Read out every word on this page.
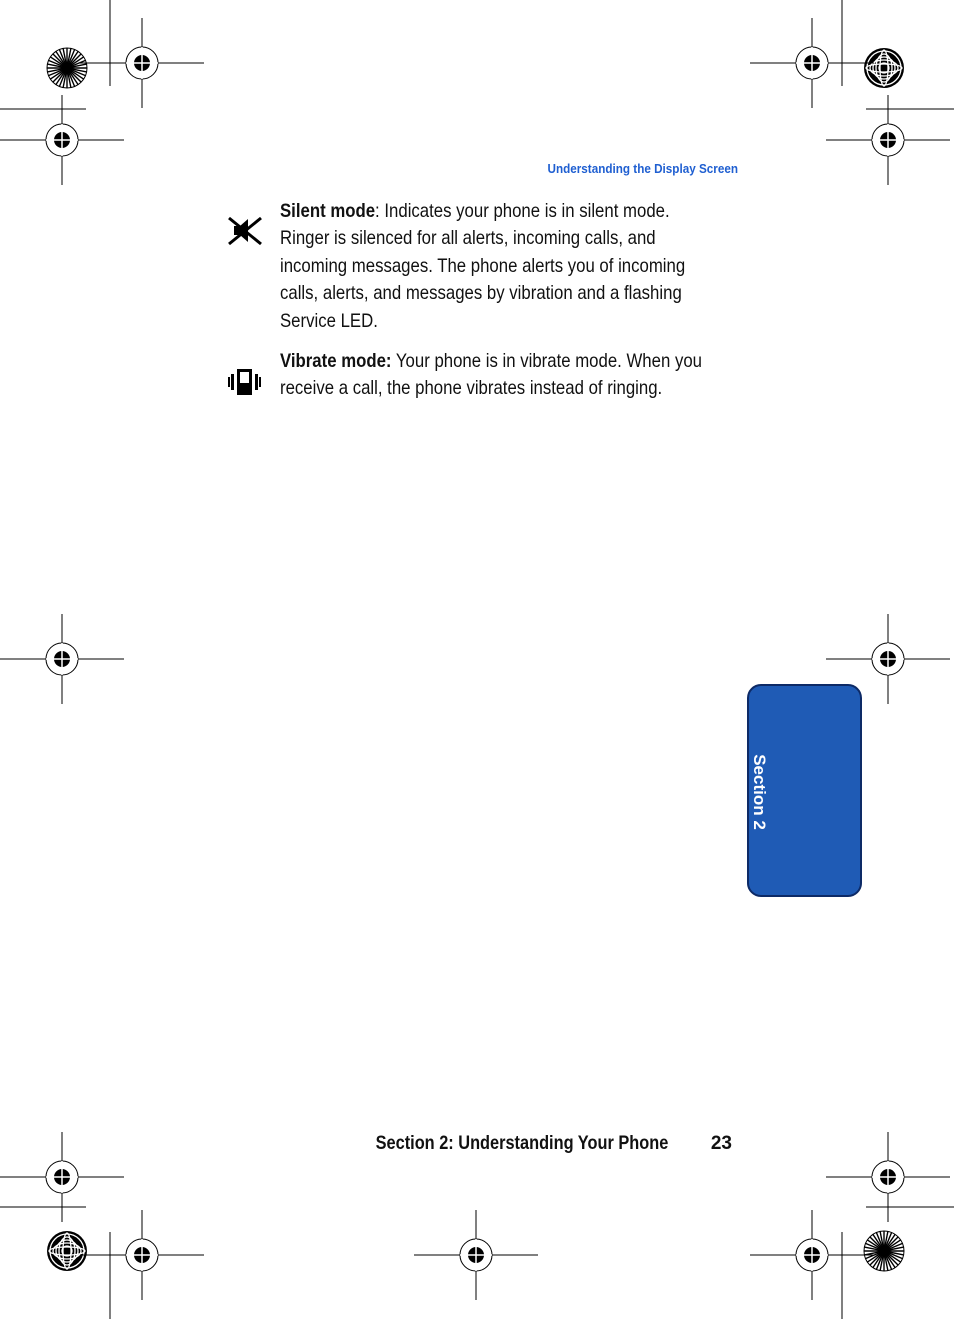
Understanding the Display Screen
Silent mode: Indicates your phone is in silent mode.
Ringer is silenced for all alerts, incoming calls, and
incoming messages. The phone alerts you of incoming
calls, alerts, and messages by vibration and a flashing
Service LED.
Vibrate mode: Your phone is in vibrate mode. When you
receive a call, the phone vibrates instead of ringing.
Section 2
Section 2: Understanding Your Phone 23
